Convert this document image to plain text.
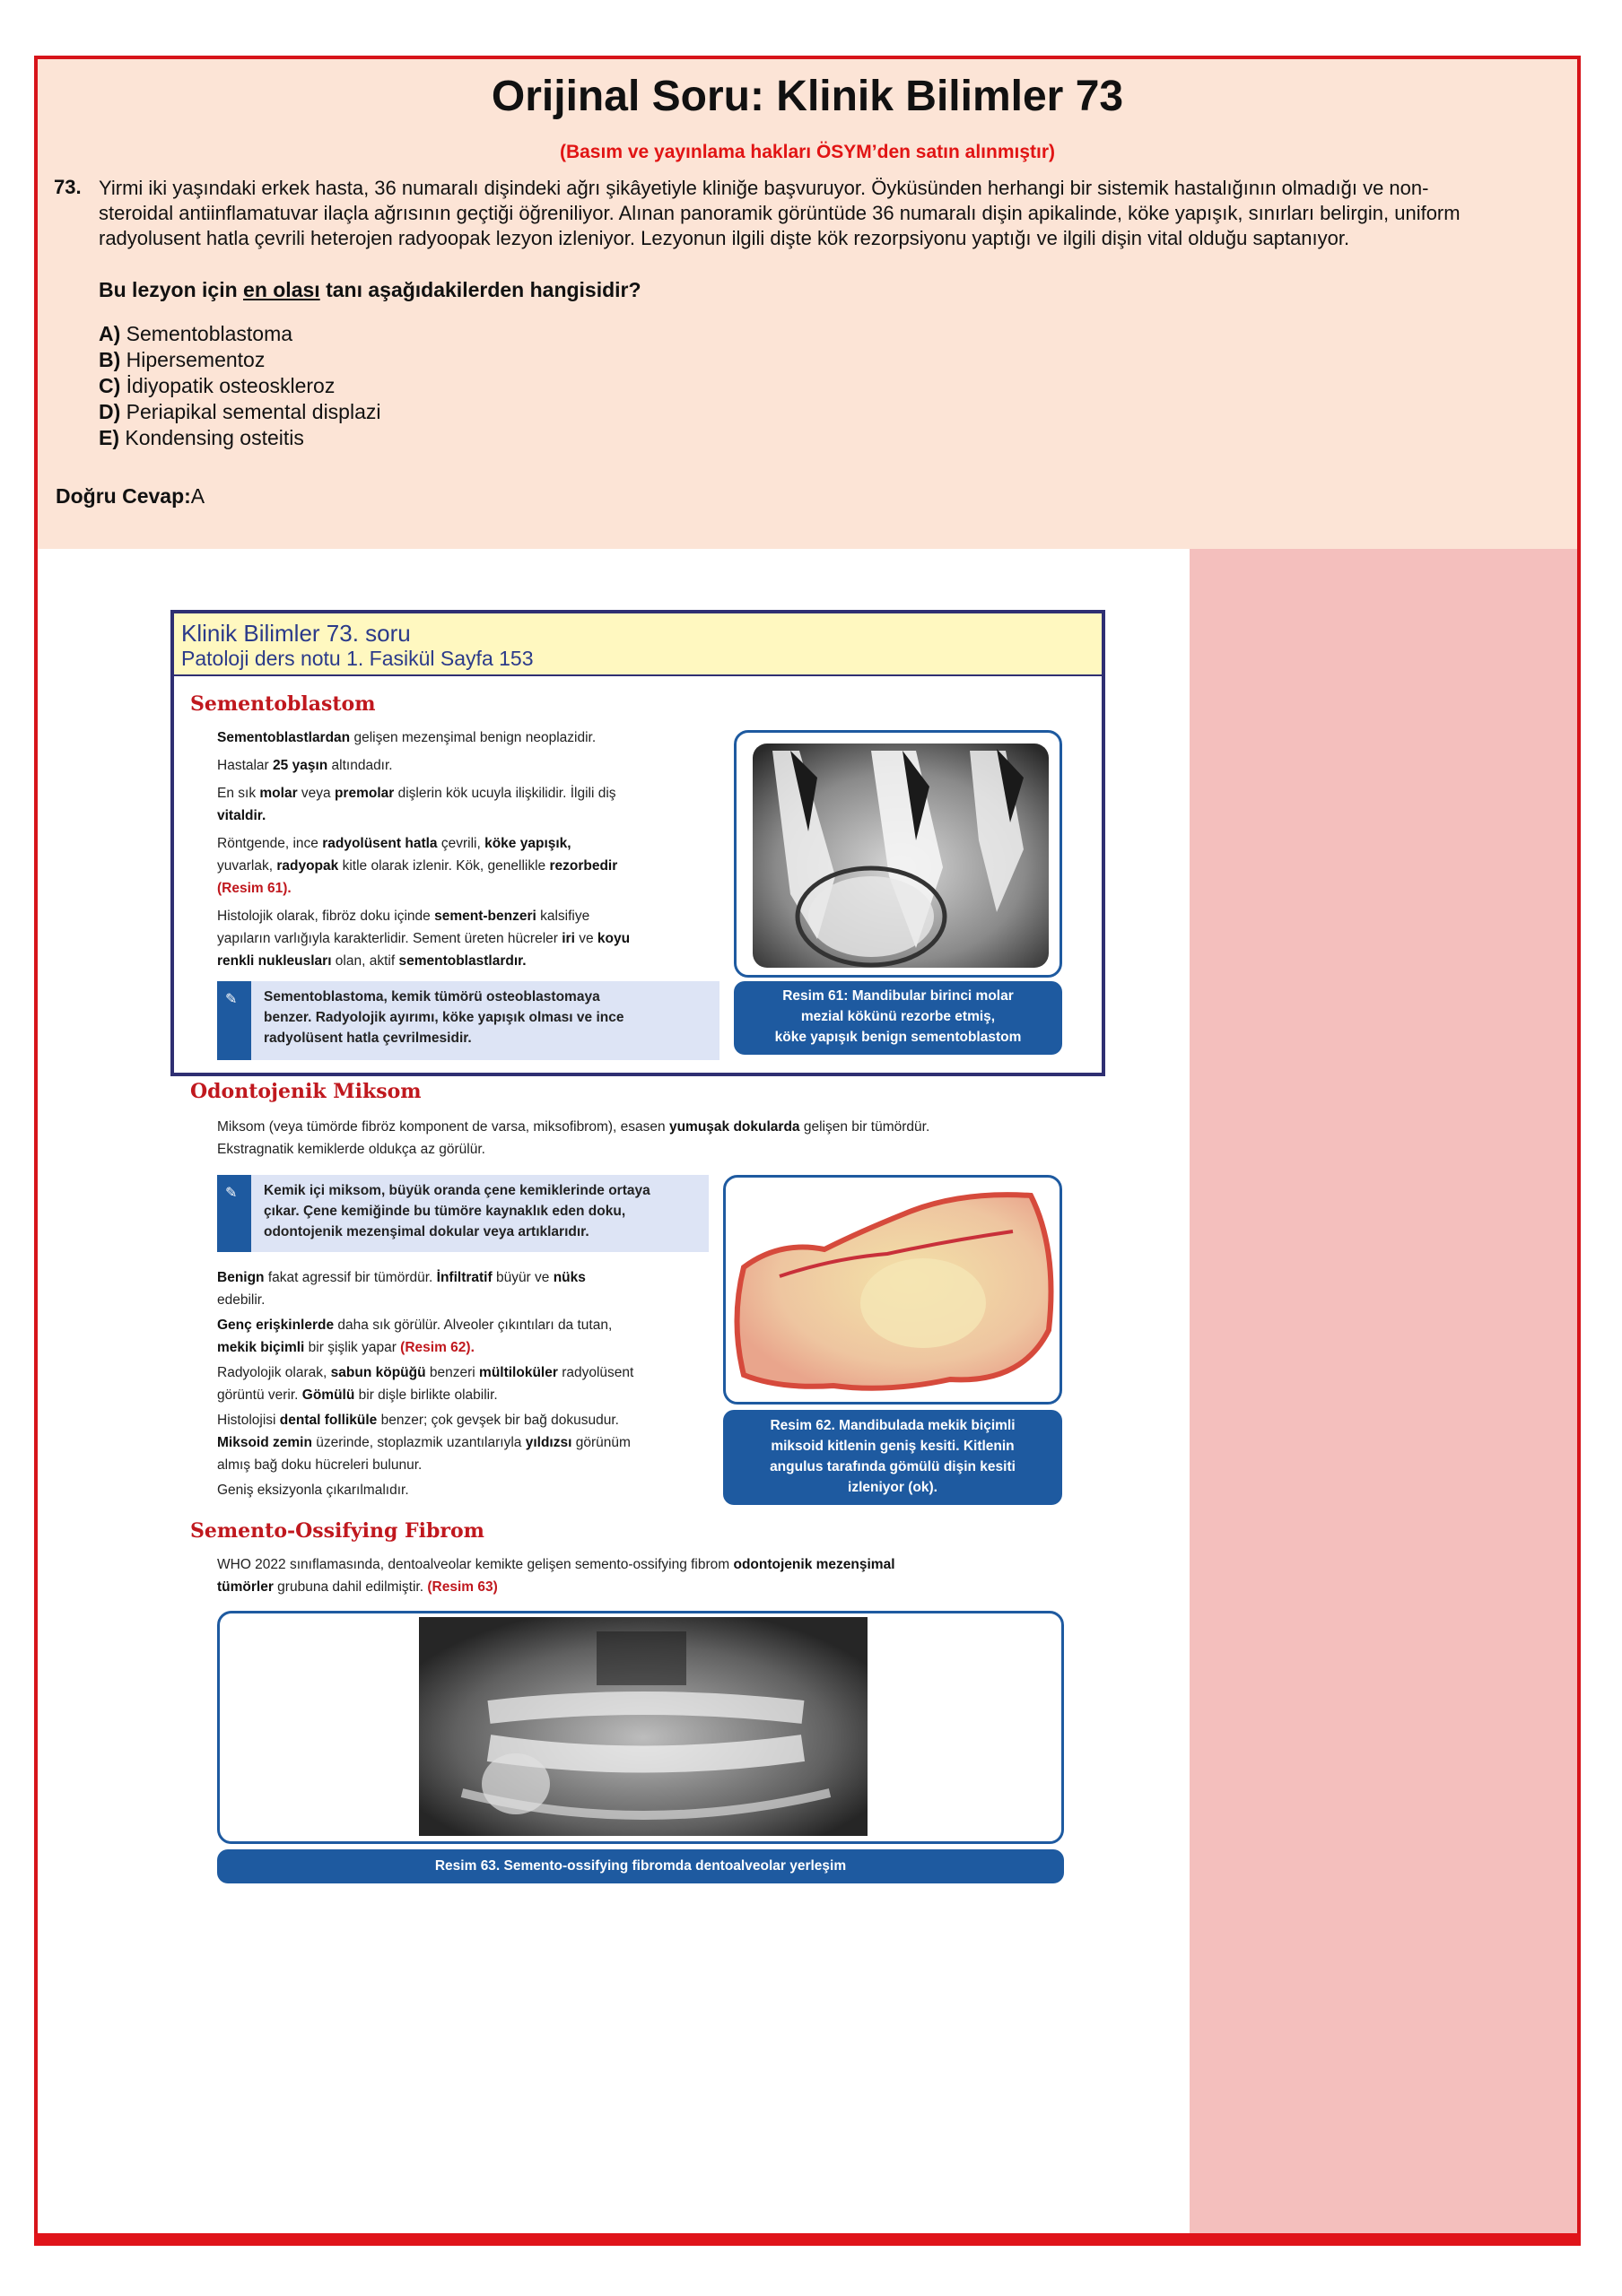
Orijinal Soru: Klinik Bilimler 73
(Basım ve yayınlama hakları ÖSYM’den satın alınmıştır)
73. Yirmi iki yaşındaki erkek hasta, 36 numaralı dişindeki ağrı şikâyetiyle kliniğe başvuruyor. Öyküsünden herhangi bir sistemik hastalığının olmadığı ve non-steroidal antiinflamatuvar ilaçla ağrısının geçtiği öğreniliyor. Alınan panoramik görüntüde 36 numaralı dişin apikalinde, köke yapışık, sınırları belirgin, uniform radyolusent hatla çevrili heterojen radyoopak lezyon izleniyor. Lezyonun ilgili dişte kök rezorpsiyonu yaptığı ve ilgili dişin vital olduğu saptanıyor.
Bu lezyon için en olası tanı aşağıdakilerden hangisidir?
A) Sementoblastoma
B) Hipersementoz
C) İdiyopatik osteoskleroz
D) Periapikal semental displazi
E) Kondensing osteitis
Doğru Cevap:A
Klinik Bilimler 73. soru
Patoloji ders notu 1. Fasikül Sayfa 153
Sementoblastom
Sementoblastlardan gelişen mezenşimal benign neoplazidir.
Hastalar 25 yaşın altındadır.
En sık molar veya premolar dişlerin kök ucuyla ilişkilidir. İlgili diş
vitaldir.
Röntgende, ince radyolüsent hatla çevrili, köke yapışık,
yuvarlak, radyopak kitle olarak izlenir. Kök, genellikle rezorbedir
(Resim 61).
Histolojik olarak, fibröz doku içinde sement-benzeri kalsifiye
yapıların varlığıyla karakterlidir. Sement üreten hücreler iri ve koyu
renkli nukleusları olan, aktif sementoblastlardır.
✎ Sementoblastoma, kemik tümörü osteoblastomaya
benzer. Radyolojik ayırımı, köke yapışık olması ve ince
radyolüsent hatla çevrilmesidir.
Resim 61: Mandibular birinci molar
mezial kökünü rezorbe etmiş,
köke yapışık benign sementoblastom
Odontojenik Miksom
Miksom (veya tümörde fibröz komponent de varsa, miksofibrom), esasen yumuşak dokularda gelişen bir tümördür.
Ekstragnatik kemiklerde oldukça az görülür.
✎ Kemik içi miksom, büyük oranda çene kemiklerinde ortaya
çıkar. Çene kemiğinde bu tümöre kaynaklık eden doku,
odontojenik mezenşimal dokular veya artıklarıdır.
Benign fakat agressif bir tümördür. İnfiltratif büyür ve nüks
edebilir.
Genç erişkinlerde daha sık görülür. Alveoler çıkıntıları da tutan,
mekik biçimli bir şişlik yapar (Resim 62).
Radyolojik olarak, sabun köpüğü benzeri mültiloküler radyolüsent
görüntü verir. Gömülü bir dişle birlikte olabilir.
Histolojisi dental folliküle benzer; çok gevşek bir bağ dokusudur.
Miksoid zemin üzerinde, stoplazmik uzantılarıyla yıldızsı görünüm
almış bağ doku hücreleri bulunur.
Geniş eksizyonla çıkarılmalıdır.
Resim 62. Mandibulada mekik biçimli
miksoid kitlenin geniş kesiti. Kitlenin
angulus tarafında gömülü dişin kesiti
izleniyor (ok).
Semento-Ossifying Fibrom
WHO 2022 sınıflamasında, dentoalveolar kemikte gelişen semento-ossifying fibrom odontojenik mezenşimal
tümörler grubuna dahil edilmiştir. (Resim 63)
Resim 63. Semento-ossifying fibromda dentoalveolar yerleşim
